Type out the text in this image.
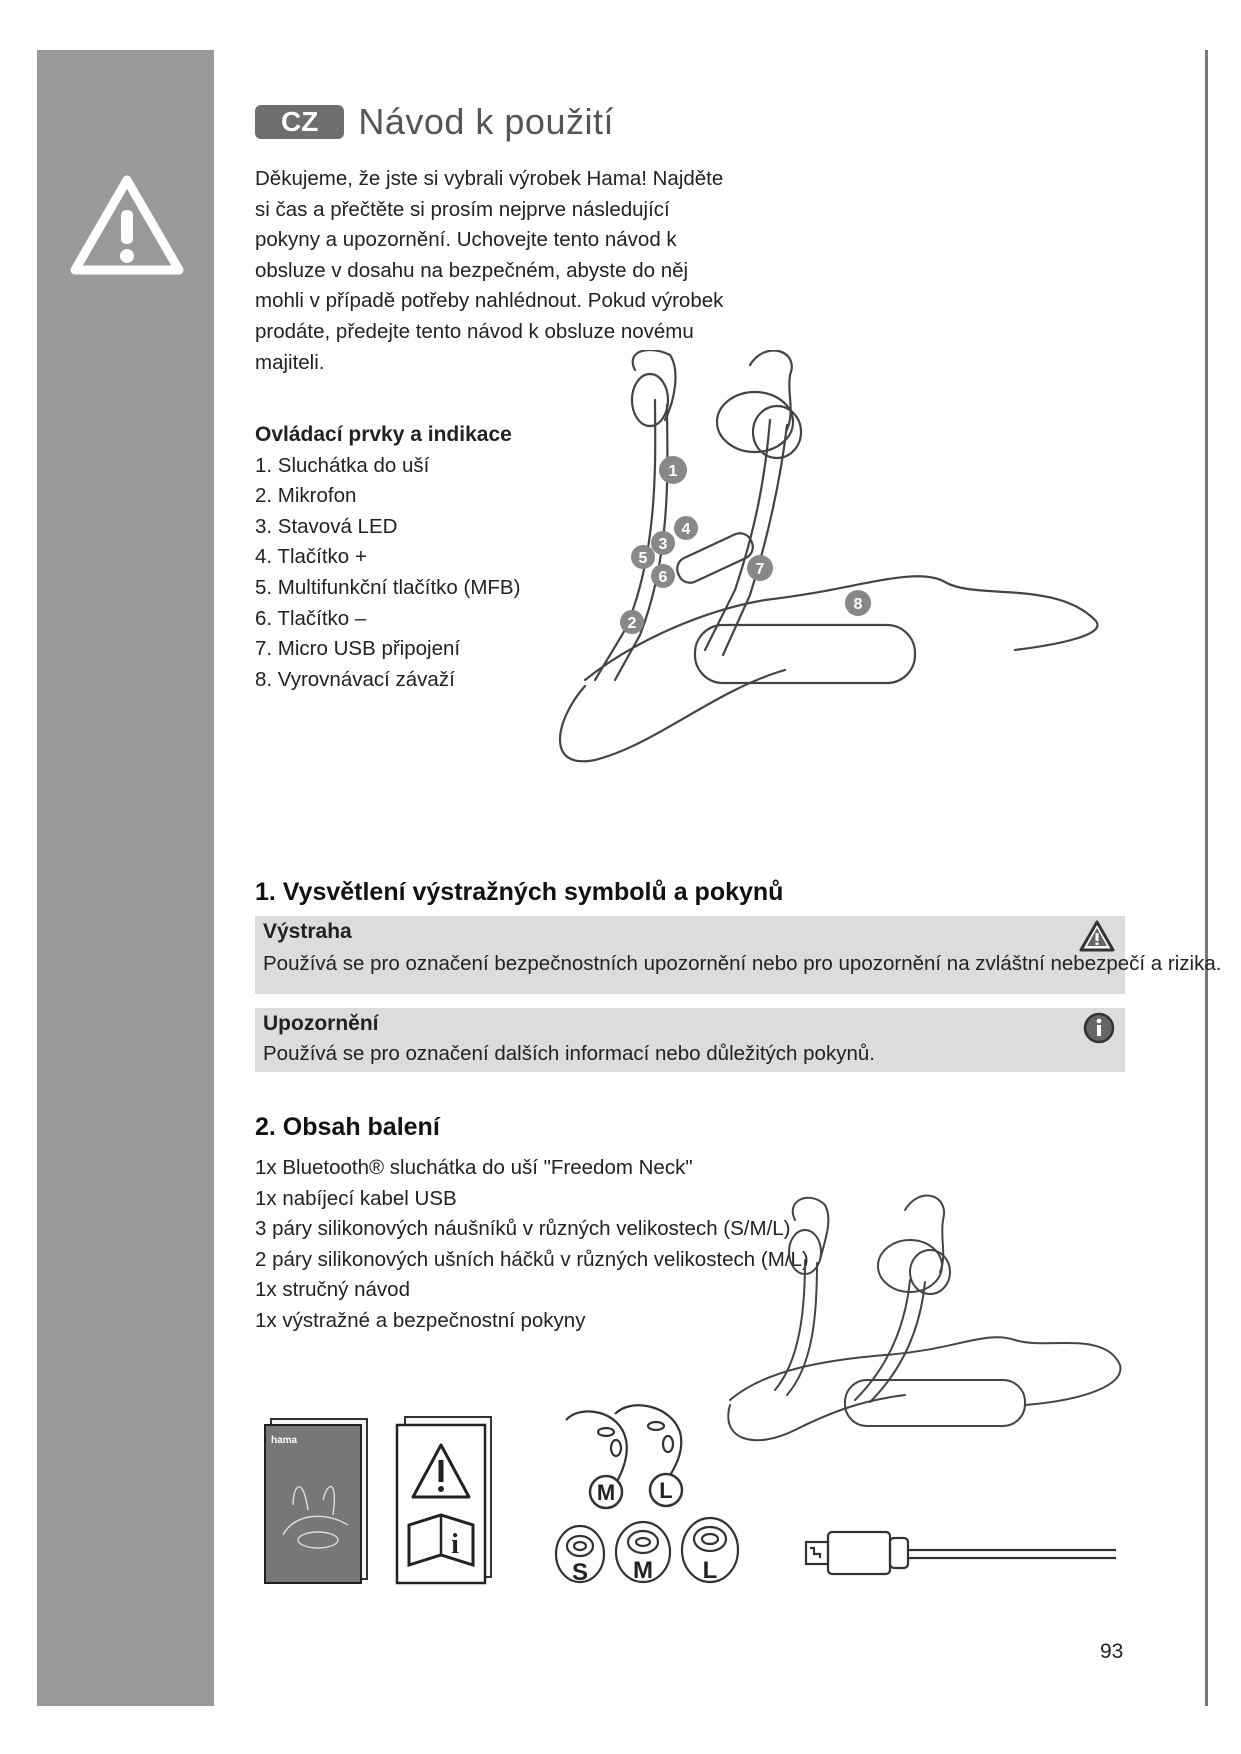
CZ	Návod k použití
Děkujeme, že jste si vybrali výrobek Hama! Najděte si čas a přečtěte si prosím nejprve následující pokyny a upozornění. Uchovejte tento návod k obsluze v dosahu na bezpečném, abyste do něj mohli v případě potřeby nahlédnout. Pokud výrobek prodáte, předejte tento návod k obsluze novému majiteli.
Ovládací prvky a indikace
1. Sluchátka do uší
2. Mikrofon
3. Stavová LED
4. Tlačítko +
5. Multifunkční tlačítko (MFB)
6. Tlačítko –
7. Micro USB připojení
8. Vyrovnávací závaží
1
2
3
4
5
6	7
8
1. Vysvětlení výstražných symbolů a pokynů
Výstraha
Používá se pro označení bezpečnostních upozornění nebo pro upozornění na zvláštní nebezpečí a rizika.
Upozornění
Používá se pro označení dalších informací nebo důležitých pokynů.
2. Obsah balení
1x Bluetooth® sluchátka do uší "Freedom Neck"
1x nabíjecí kabel USB
3 páry silikonových náušníků v různých velikostech (S/M/L)
2 páry silikonových ušních háčků v různých velikostech (M/L)
1x stručný návod
1x výstražné a bezpečnostní pokyny
hama
i
M L
S M L
93
